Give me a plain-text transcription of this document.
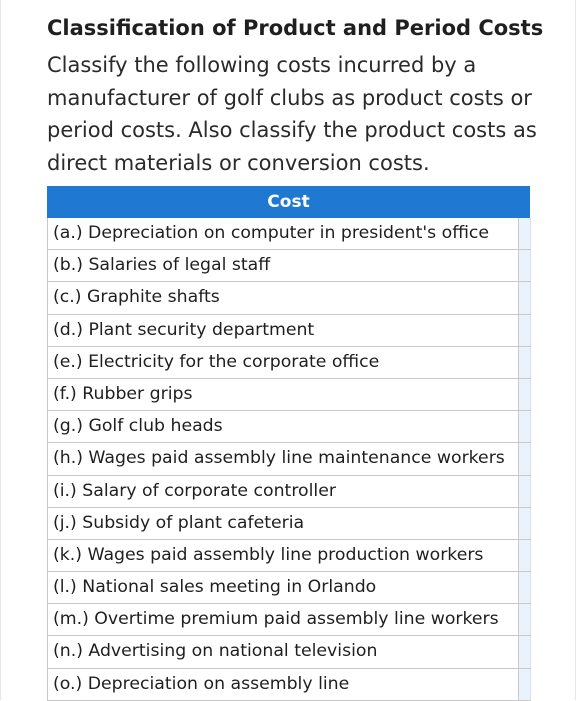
Classification of Product and Period Costs
Classify the following costs incurred by a
manufacturer of golf clubs as product costs or
period costs. Also classify the product costs as
direct materials or conversion costs.
Cost
(a.) Depreciation on computer in president's office
(b.) Salaries of legal staff
(c.) Graphite shafts
(d.) Plant security department
(e.) Electricity for the corporate office
(f.) Rubber grips
(g.) Golf club heads
(h.) Wages paid assembly line maintenance workers
(i.) Salary of corporate controller
(j.) Subsidy of plant cafeteria
(k.) Wages paid assembly line production workers
(l.) National sales meeting in Orlando
(m.) Overtime premium paid assembly line workers
(n.) Advertising on national television
(o.) Depreciation on assembly line
